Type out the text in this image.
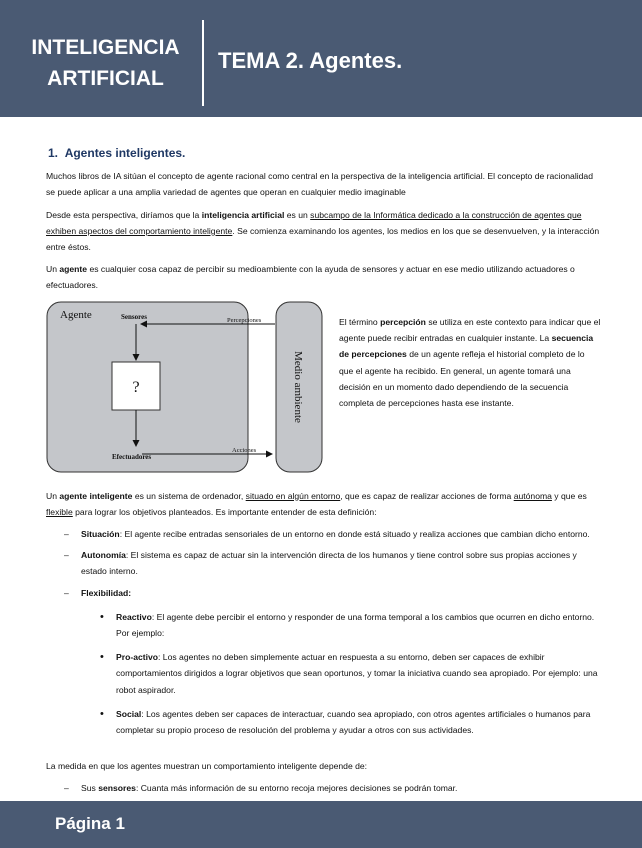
INTELIGENCIA
ARTIFICIAL
TEMA 2. Agentes.
1. Agentes inteligentes.

Muchos libros de IA sitúan el concepto de agente racional como central en la perspectiva de la inteligencia artificial. El concepto de racionalidad se puede aplicar a una amplia variedad de agentes que operan en cualquier medio imaginable

Desde esta perspectiva, diríamos que la inteligencia artificial es un subcampo de la Informática dedicado a la construcción de agentes que exhiben aspectos del comportamiento inteligente. Se comienza examinando los agentes, los medios en los que se desenvuelven, y la interacción entre éstos.

Un agente es cualquier cosa capaz de percibir su medioambiente con la ayuda de sensores y actuar en ese medio utilizando actuadores o efectuadores.

Agente
Medio ambiente
?
Sensores	Percepciones
Efectuadores
Acciones
El término percepción se utiliza en este contexto para indicar que el agente puede recibir entradas en cualquier instante. La secuencia de percepciones de un agente refleja el historial completo de lo que el agente ha recibido. En general, un agente tomará una decisión en un momento dado dependiendo de la secuencia completa de percepciones hasta ese instante.

Un agente inteligente es un sistema de ordenador, situado en algún entorno, que es capaz de realizar acciones de forma autónoma y que es flexible para lograr los objetivos planteados. Es importante entender de esta definición:

– Situación: El agente recibe entradas sensoriales de un entorno en donde está situado y realiza acciones que cambian dicho entorno.
– Autonomía: El sistema es capaz de actuar sin la intervención directa de los humanos y tiene control sobre sus propias acciones y estado interno.
– Flexibilidad:
• Reactivo: El agente debe percibir el entorno y responder de una forma temporal a los cambios que ocurren en dicho entorno. Por ejemplo:
• Pro-activo: Los agentes no deben simplemente actuar en respuesta a su entorno, deben ser capaces de exhibir comportamientos dirigidos a lograr objetivos que sean oportunos, y tomar la iniciativa cuando sea apropiado. Por ejemplo: una robot aspirador.
• Social: Los agentes deben ser capaces de interactuar, cuando sea apropiado, con otros agentes artificiales o humanos para completar su propio proceso de resolución del problema y ayudar a otros con sus actividades.

La medida en que los agentes muestran un comportamiento inteligente depende de:

– Sus sensores: Cuanta más información de su entorno recoja mejores decisiones se podrán tomar.
Página 1
